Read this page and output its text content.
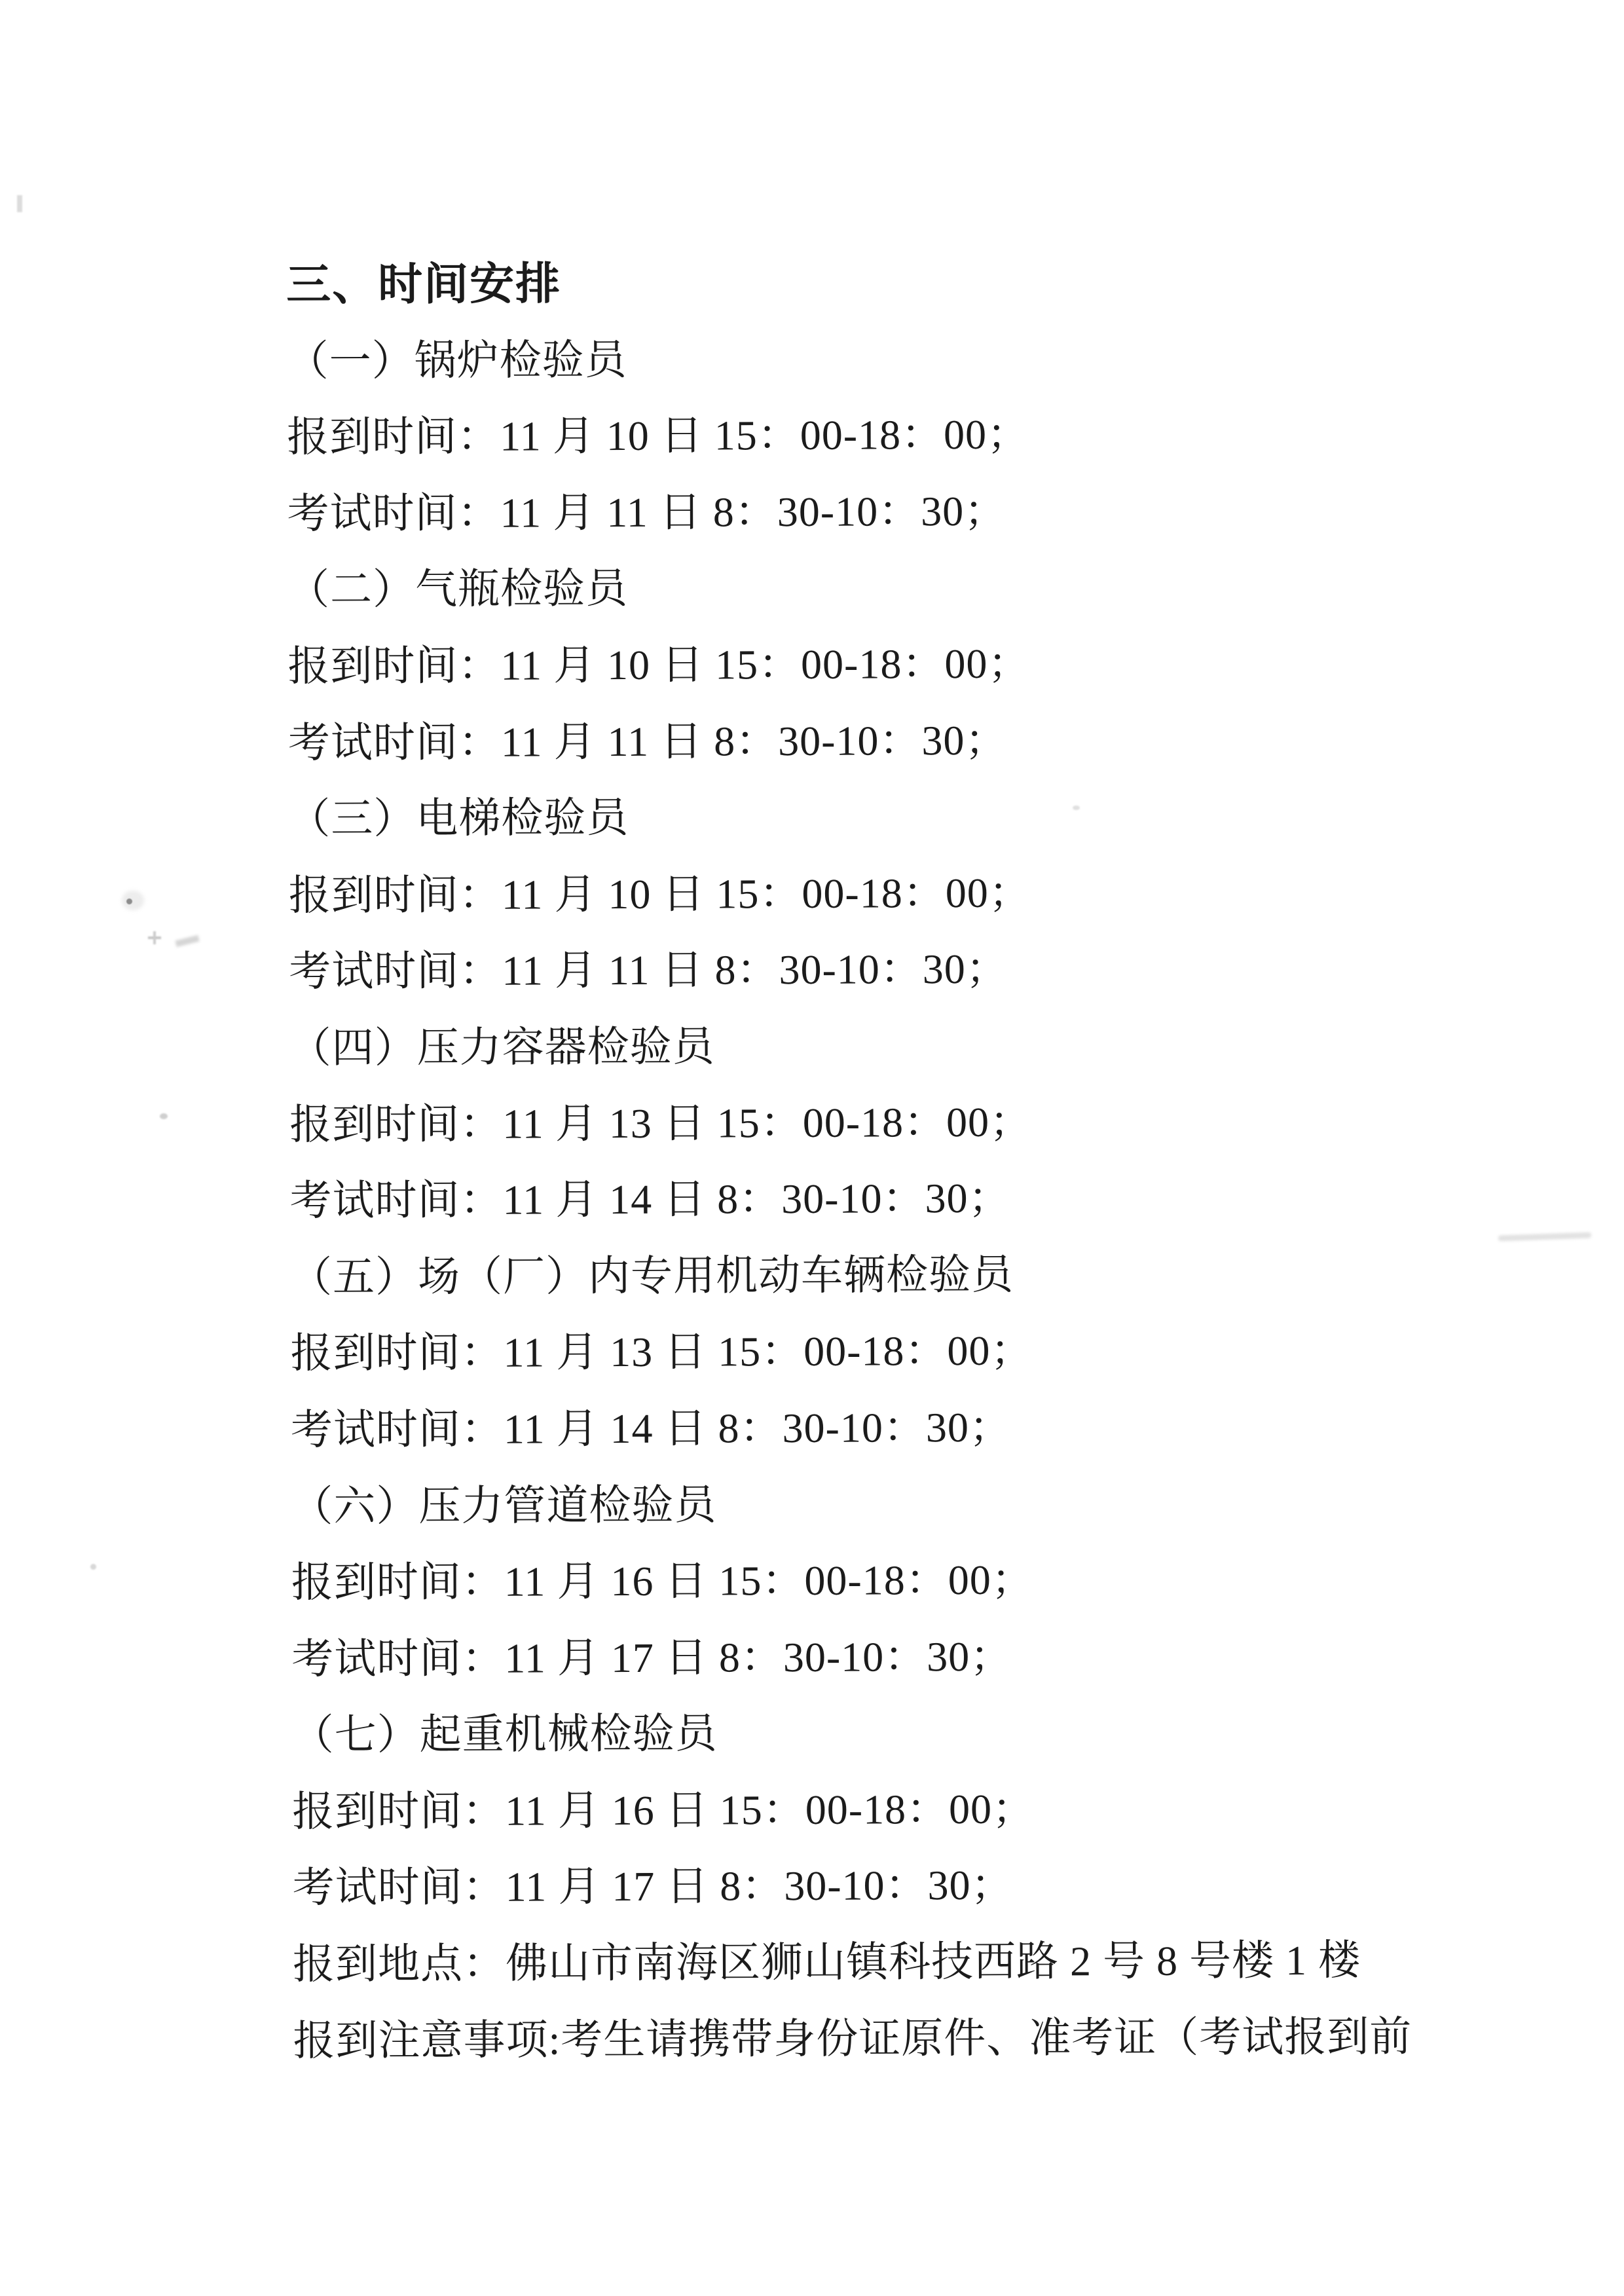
三、时间安排
（一）锅炉检验员
报到时间：11 月 10 日 15：00-18：00；
考试时间：11 月 11 日 8：30-10：30；
（二）气瓶检验员
报到时间：11 月 10 日 15：00-18：00；
考试时间：11 月 11 日 8：30-10：30；
（三）电梯检验员
报到时间：11 月 10 日 15：00-18：00；
考试时间：11 月 11 日 8：30-10：30；
（四）压力容器检验员
报到时间：11 月 13 日 15：00-18：00；
考试时间：11 月 14 日 8：30-10：30；
（五）场（厂）内专用机动车辆检验员
报到时间：11 月 13 日 15：00-18：00；
考试时间：11 月 14 日 8：30-10：30；
（六）压力管道检验员
报到时间：11 月 16 日 15：00-18：00；
考试时间：11 月 17 日 8：30-10：30；
（七）起重机械检验员
报到时间：11 月 16 日 15：00-18：00；
考试时间：11 月 17 日 8：30-10：30；
报到地点：佛山市南海区狮山镇科技西路 2 号 8 号楼 1 楼
报到注意事项:考生请携带身份证原件、准考证（考试报到前
